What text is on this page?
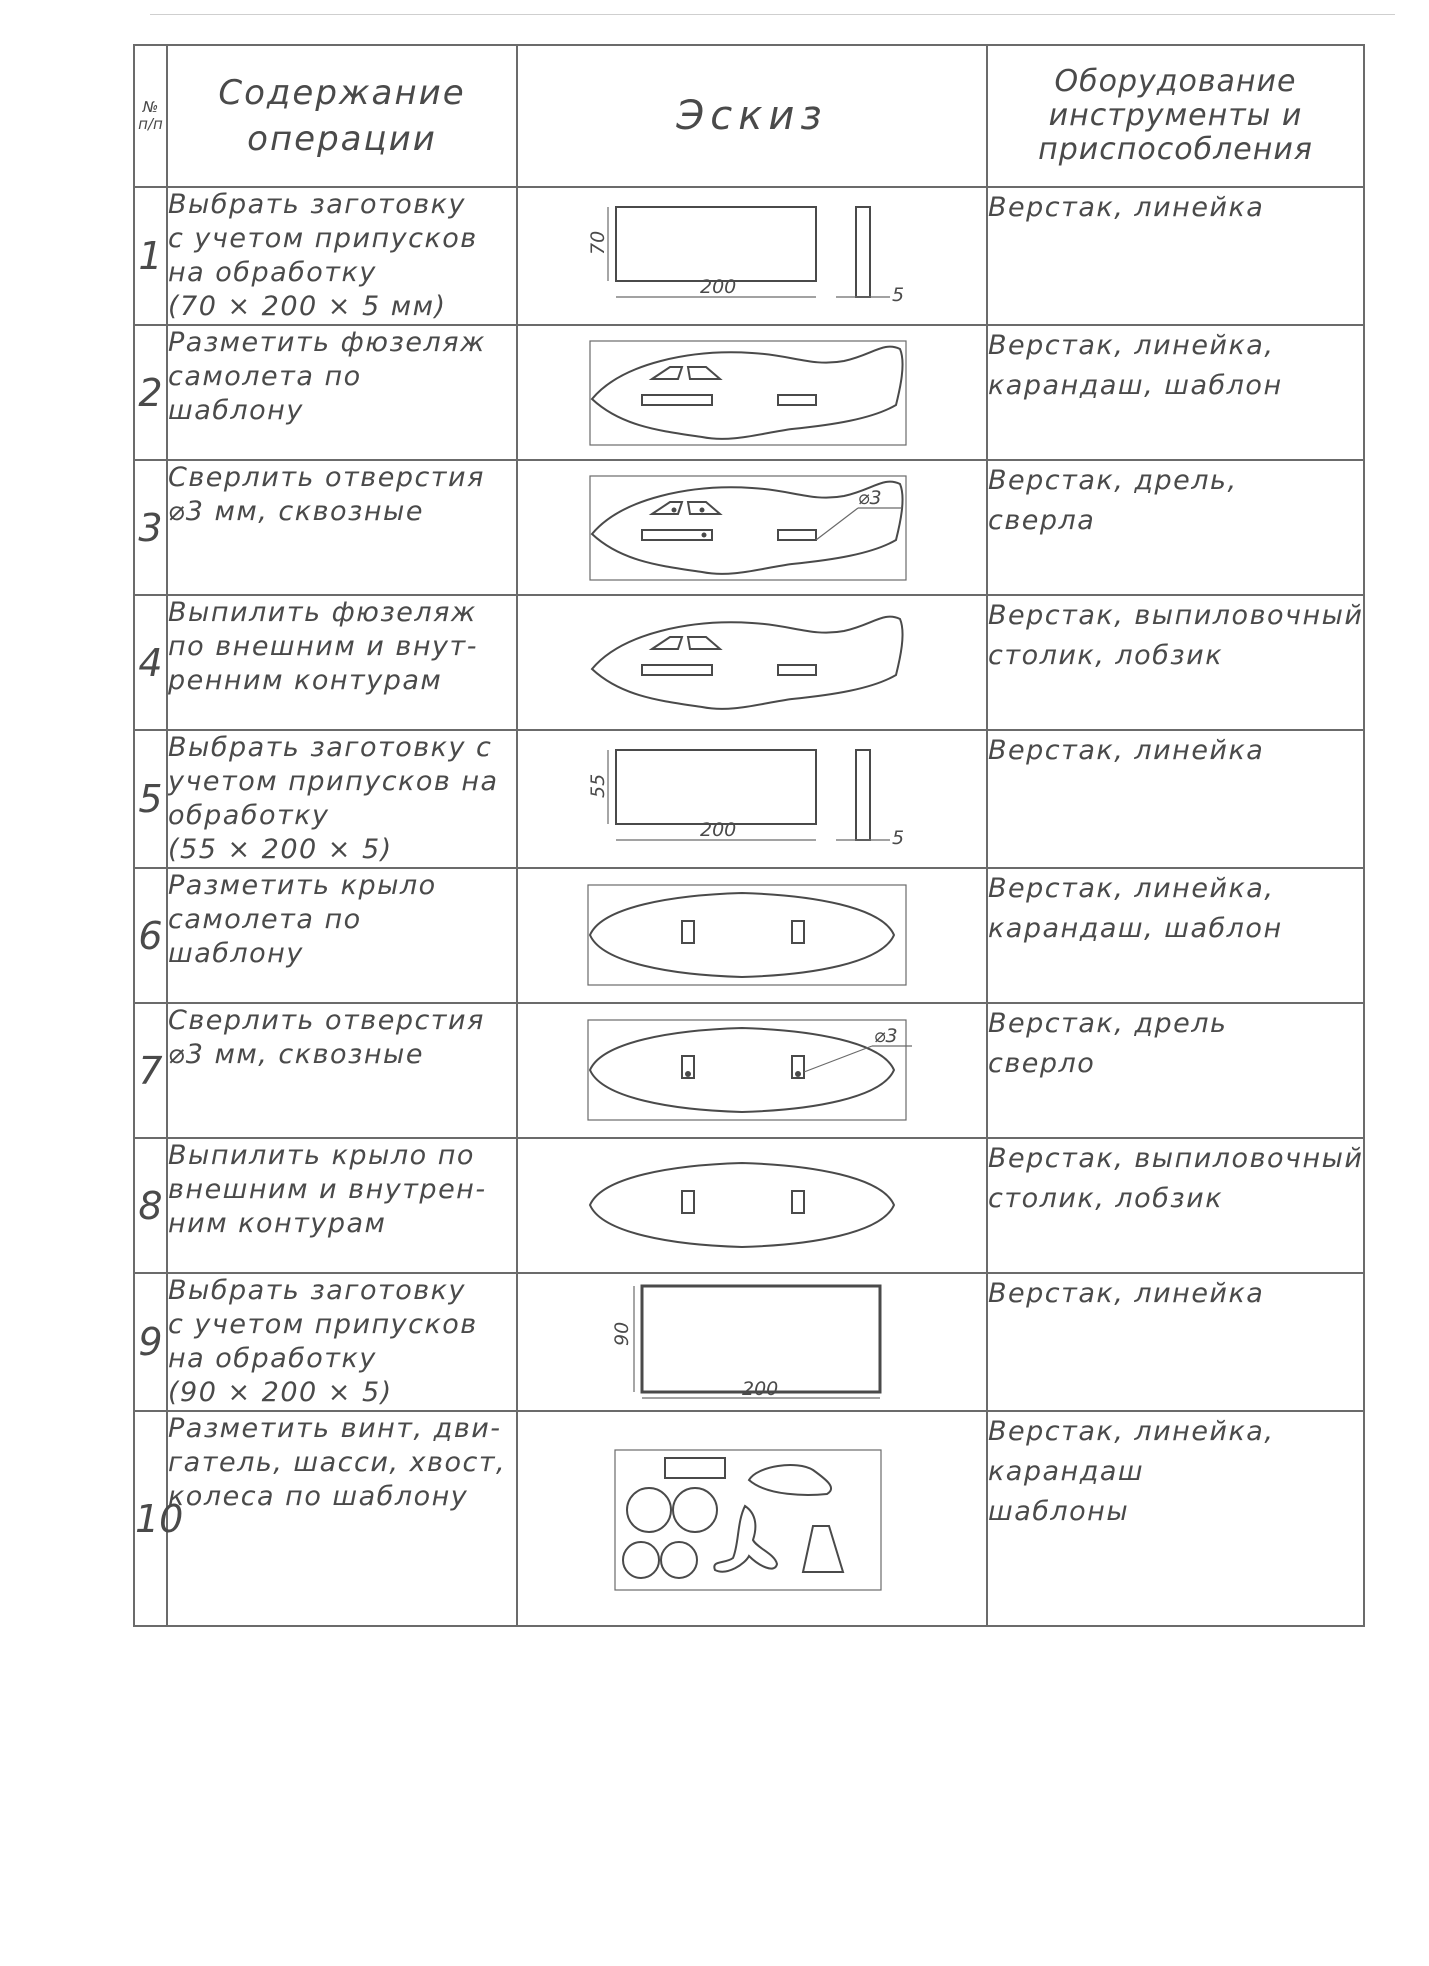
№ п/п	Содержание операции	Эскиз	Оборудование инструменты и приспособления
1	Выбрать заготовку
с учетом припусков
на обработку
(70 × 200 × 5 мм)	70
200 5	Верстак, линейка

2	Разметить фюзеляж
самолета по
шаблону		Верстак, линейка,
карандаш, шаблон

3	Сверлить отверстия
⌀3 мм, сквозные	⌀3	Верстак, дрель,
сверла

4	Выпилить фюзеляж
по внешним и внут-
ренним контурам		Верстак, выпиловочный
столик, лобзик

5	Выбрать заготовку с
учетом припусков на
обработку
(55 × 200 × 5)	55
200 5	Верстак, линейка

6	Разметить крыло
самолета по
шаблону		Верстак, линейка,
карандаш, шаблон

7	Сверлить отверстия
⌀3 мм, сквозные	⌀3	Верстак, дрель
сверло

8	Выпилить крыло по
внешним и внутрен-
ним контурам		Верстак, выпиловочный
столик, лобзик

9	Выбрать заготовку
с учетом припусков
на обработку
(90 × 200 × 5)	90
200	Верстак, линейка

10	Разметить винт, дви-
гатель, шасси, хвост,
колеса по шаблону		Верстак, линейка,
карандаш
шаблоны
